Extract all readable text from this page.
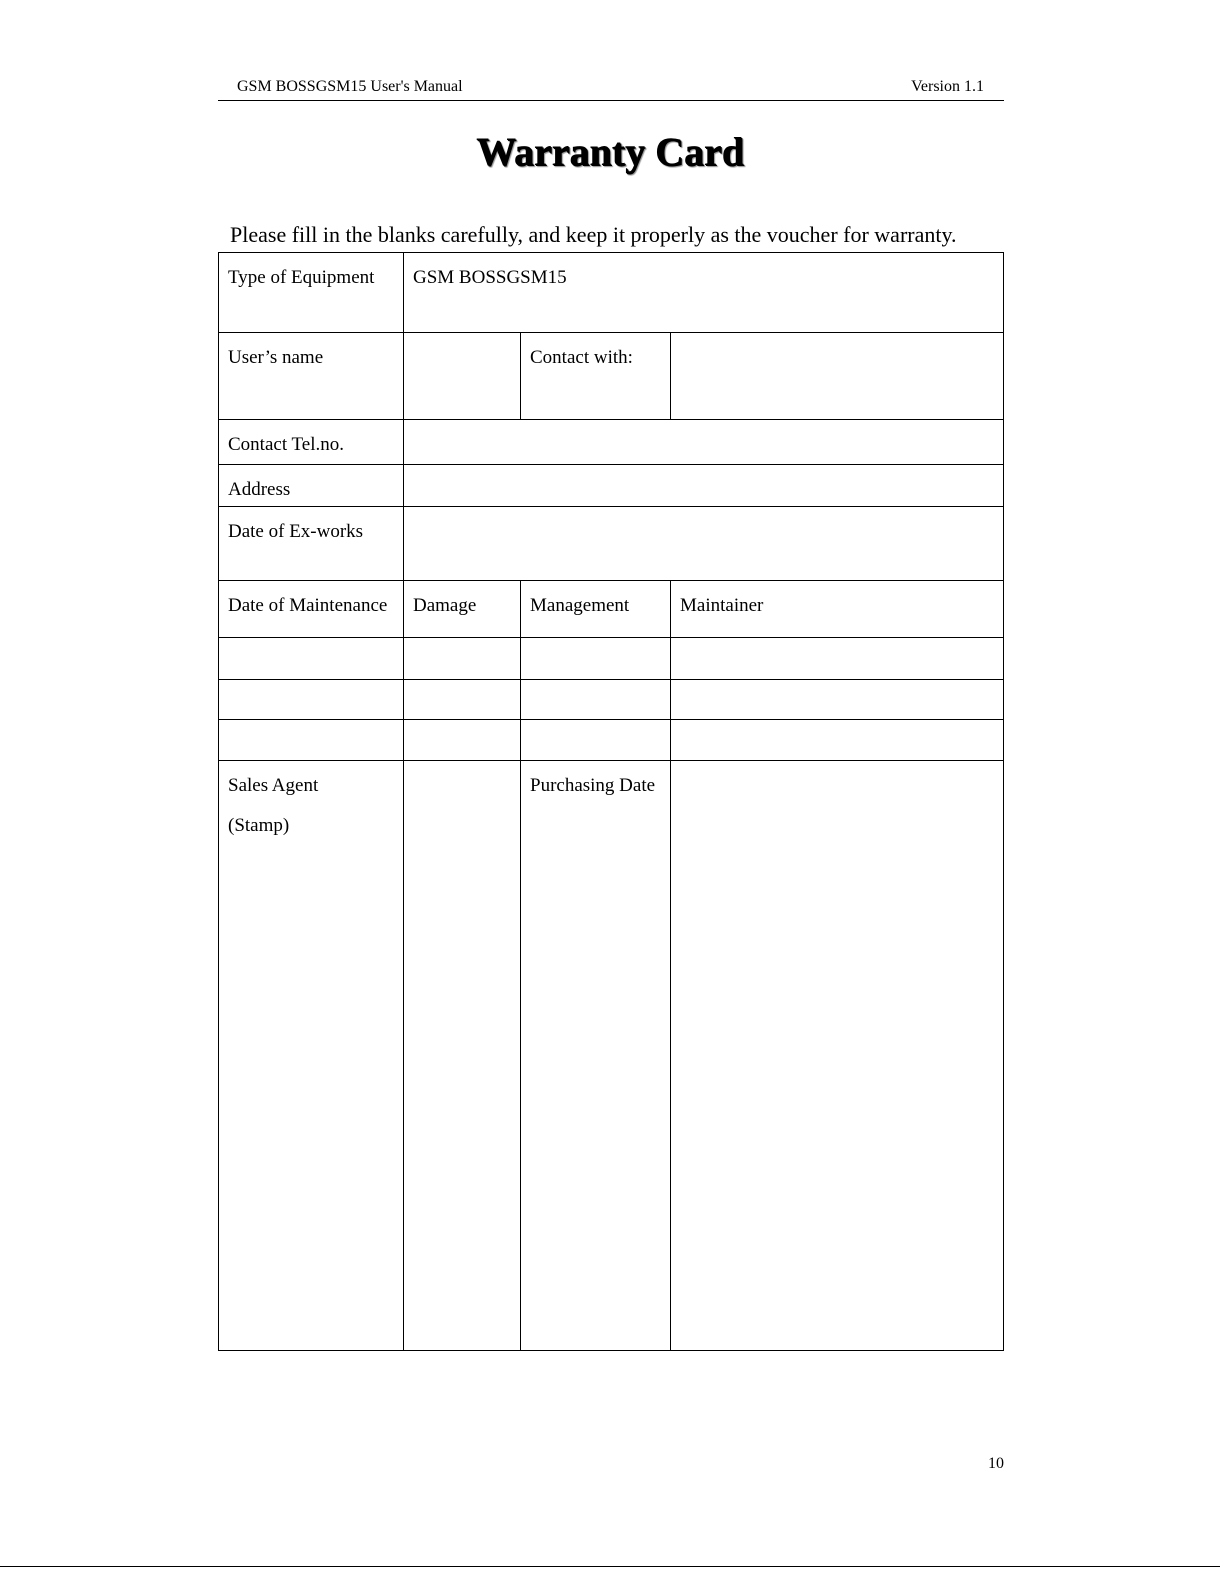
GSM BOSSGSM15 User's Manual	Version 1.1
Warranty Card
Please fill in the blanks carefully, and keep it properly as the voucher for warranty.
Type of Equipment	GSM BOSSGSM15		
User’s name		Contact with:	
Contact Tel.no.			
Address			
Date of Ex-works			
Date of Maintenance	Damage	Management	Maintainer

Sales Agent
(Stamp)		Purchasing Date	
10
